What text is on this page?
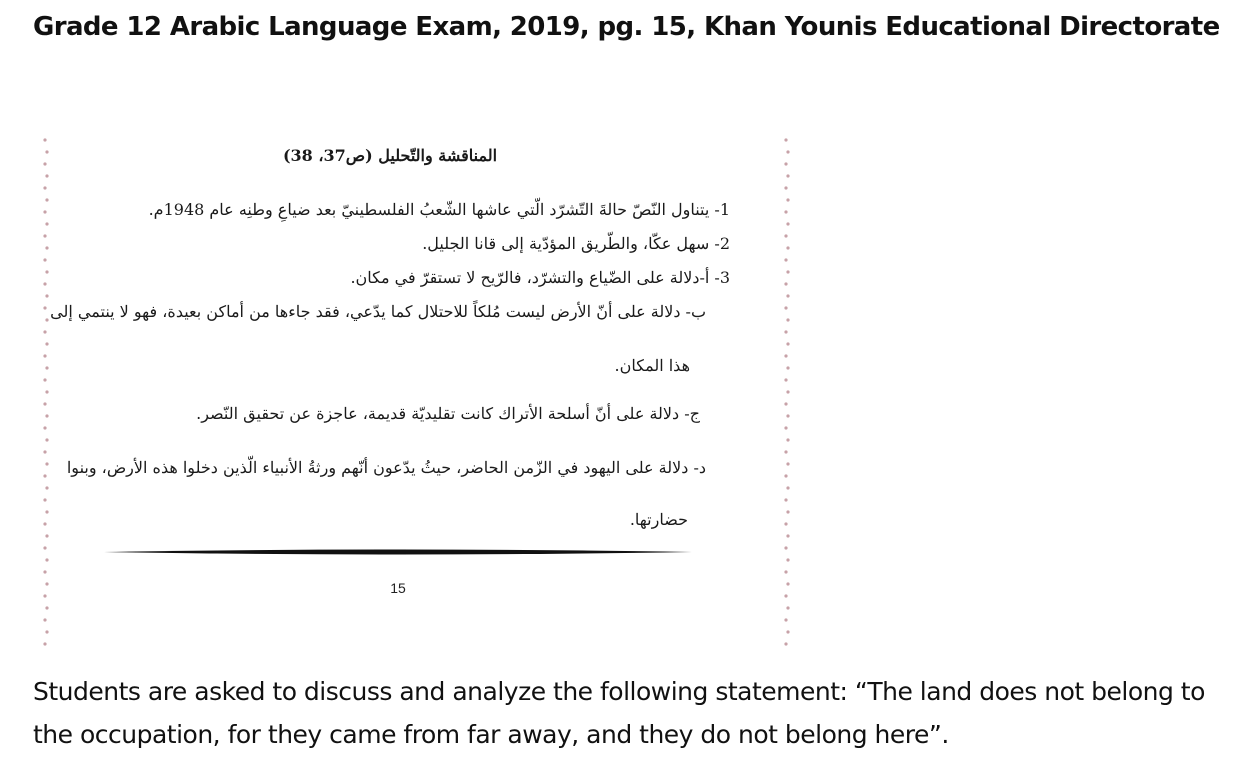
Grade 12 Arabic Language Exam, 2019, pg. 15, Khan Younis Educational Directorate
المناقشة والتّحليل (ص37، 38)
1- يتناول النّصّ حالةَ التّشرّد الّتي عاشها الشّعبُ الفلسطينيّ بعد ضياعِ وطنِه عام 1948م.
2- سهل عكّا، والطّريق المؤدّية إلى قانا الجليل.
3- أ-دلالة على الضّياع والتشرّد، فالرّيح لا تستقرّ في مكان.
ب- دلالة على أنّ الأرض ليست مُلكاً للاحتلال كما يدّعي، فقد جاءها من أماكن بعيدة، فهو لا ينتمي إلى
هذا المكان.
ج- دلالة على أنّ أسلحة الأتراك كانت تقليديّة قديمة، عاجزة عن تحقيق النّصر.
د- دلالة على اليهود في الزّمن الحاضر، حيثُ يدّعون أنّهم ورثةُ الأنبياء الّذين دخلوا هذه الأرض، وبنوا
حضارتها.
15
Students are asked to discuss and analyze the following statement: “The land does not belong to the occupation, for they came from far away, and they do not belong here”.
